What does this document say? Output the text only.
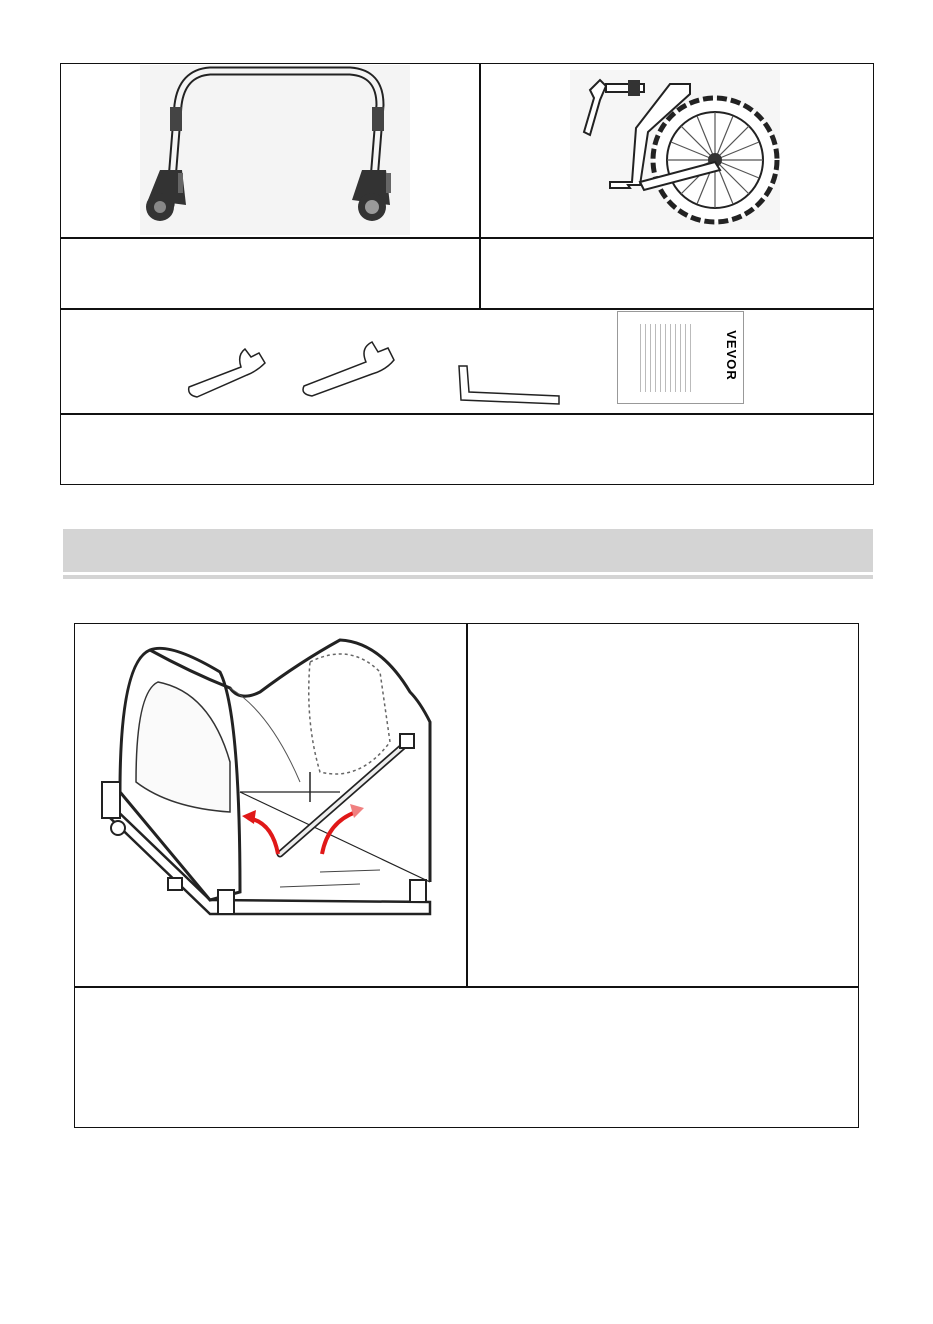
VEVOR
